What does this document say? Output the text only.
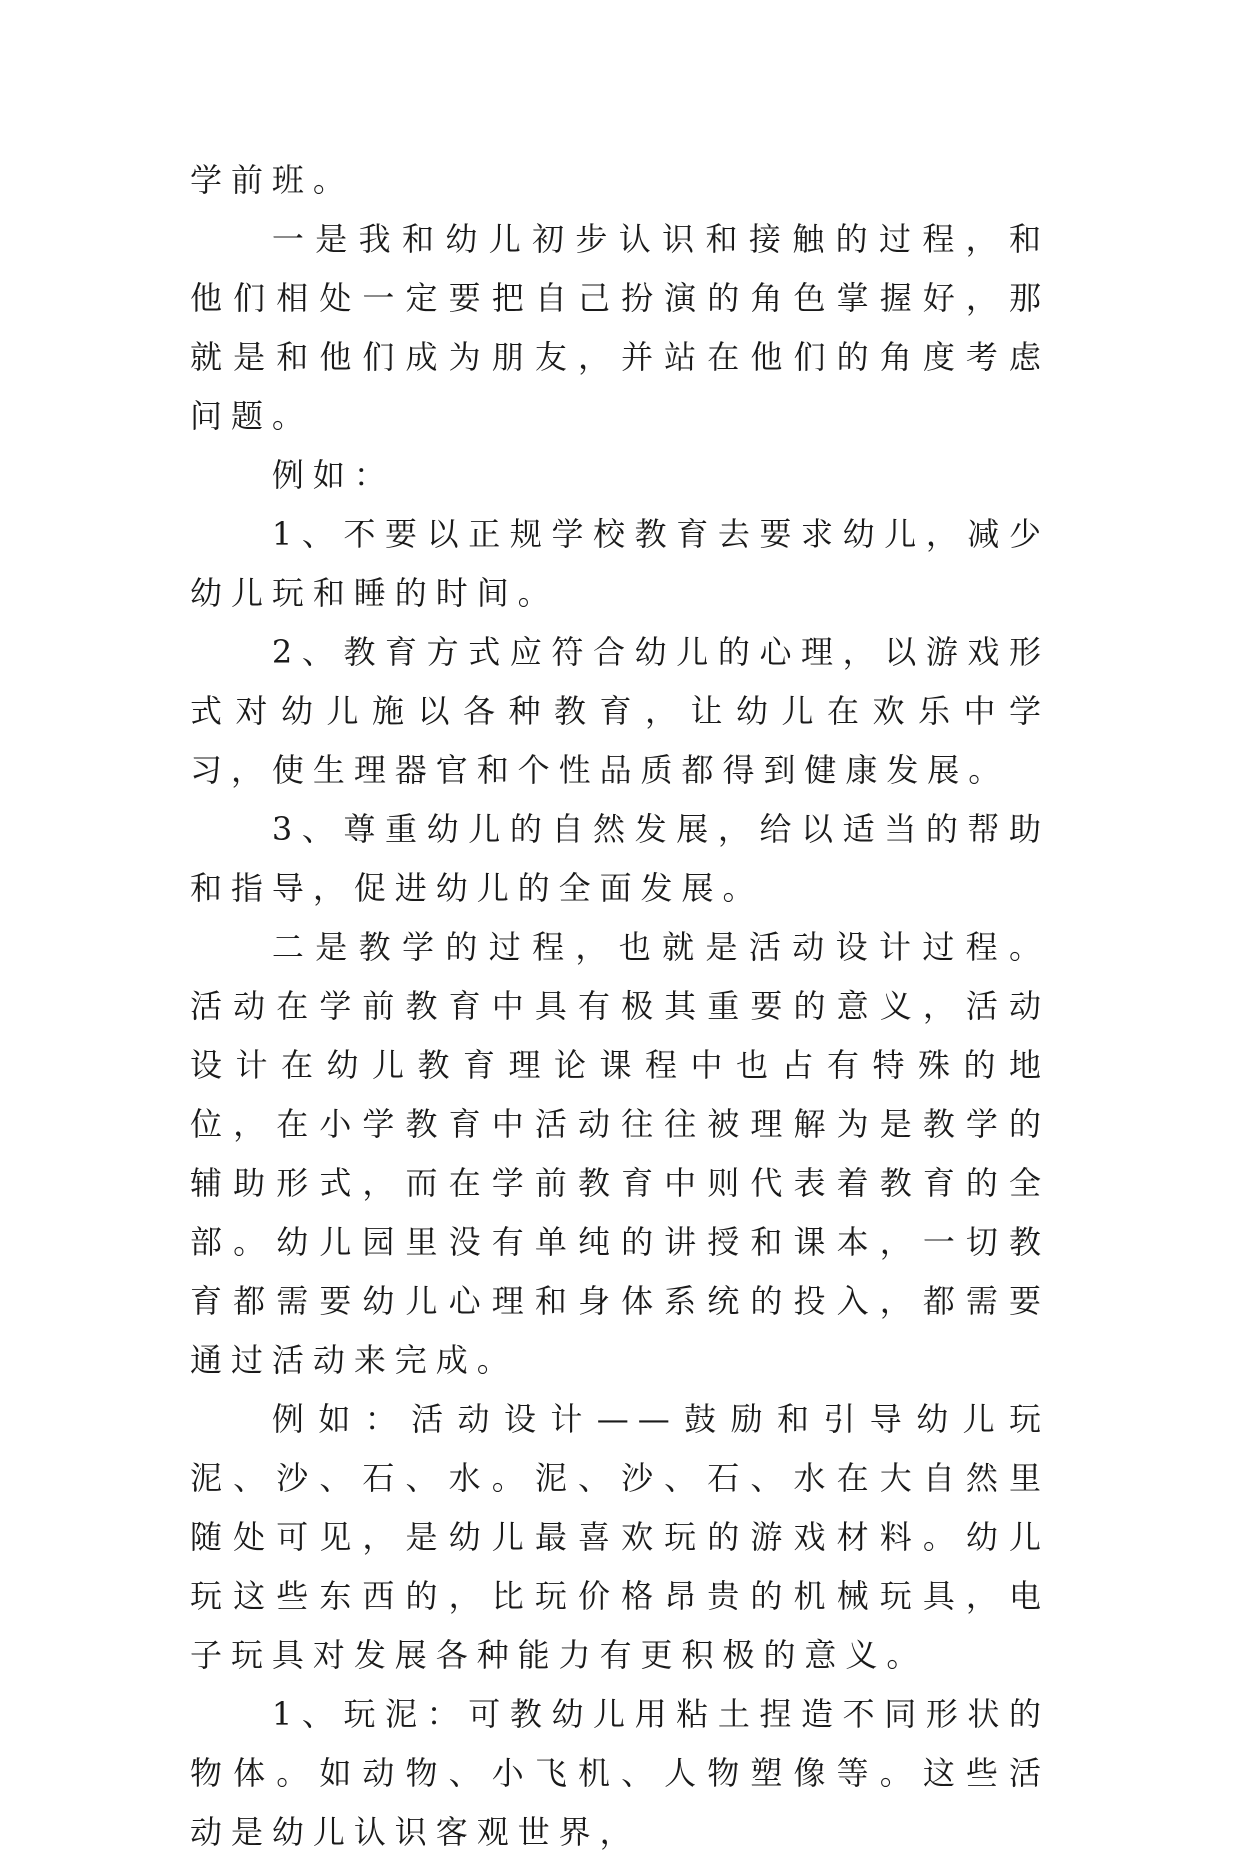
学前班。

一是我和幼儿初步认识和接触的过程，和他们相处一定要把自己扮演的角色掌握好，那就是和他们成为朋友，并站在他们的角度考虑问题。

例如：

1、不要以正规学校教育去要求幼儿，减少幼儿玩和睡的时间。

2、教育方式应符合幼儿的心理，以游戏形式对幼儿施以各种教育，让幼儿在欢乐中学习，使生理器官和个性品质都得到健康发展。

3、尊重幼儿的自然发展，给以适当的帮助和指导，促进幼儿的全面发展。

二是教学的过程，也就是活动设计过程。活动在学前教育中具有极其重要的意义，活动设计在幼儿教育理论课程中也占有特殊的地位，在小学教育中活动往往被理解为是教学的辅助形式，而在学前教育中则代表着教育的全部。幼儿园里没有单纯的讲授和课本，一切教育都需要幼儿心理和身体系统的投入，都需要通过活动来完成。

例如：活动设计——鼓励和引导幼儿玩泥、沙、石、水。泥、沙、石、水在大自然里随处可见，是幼儿最喜欢玩的游戏材料。幼儿玩这些东西的，比玩价格昂贵的机械玩具，电子玩具对发展各种能力有更积极的意义。

1、玩泥：可教幼儿用粘土捏造不同形状的物体。如动物、小飞机、人物塑像等。这些活动是幼儿认识客观世界，
